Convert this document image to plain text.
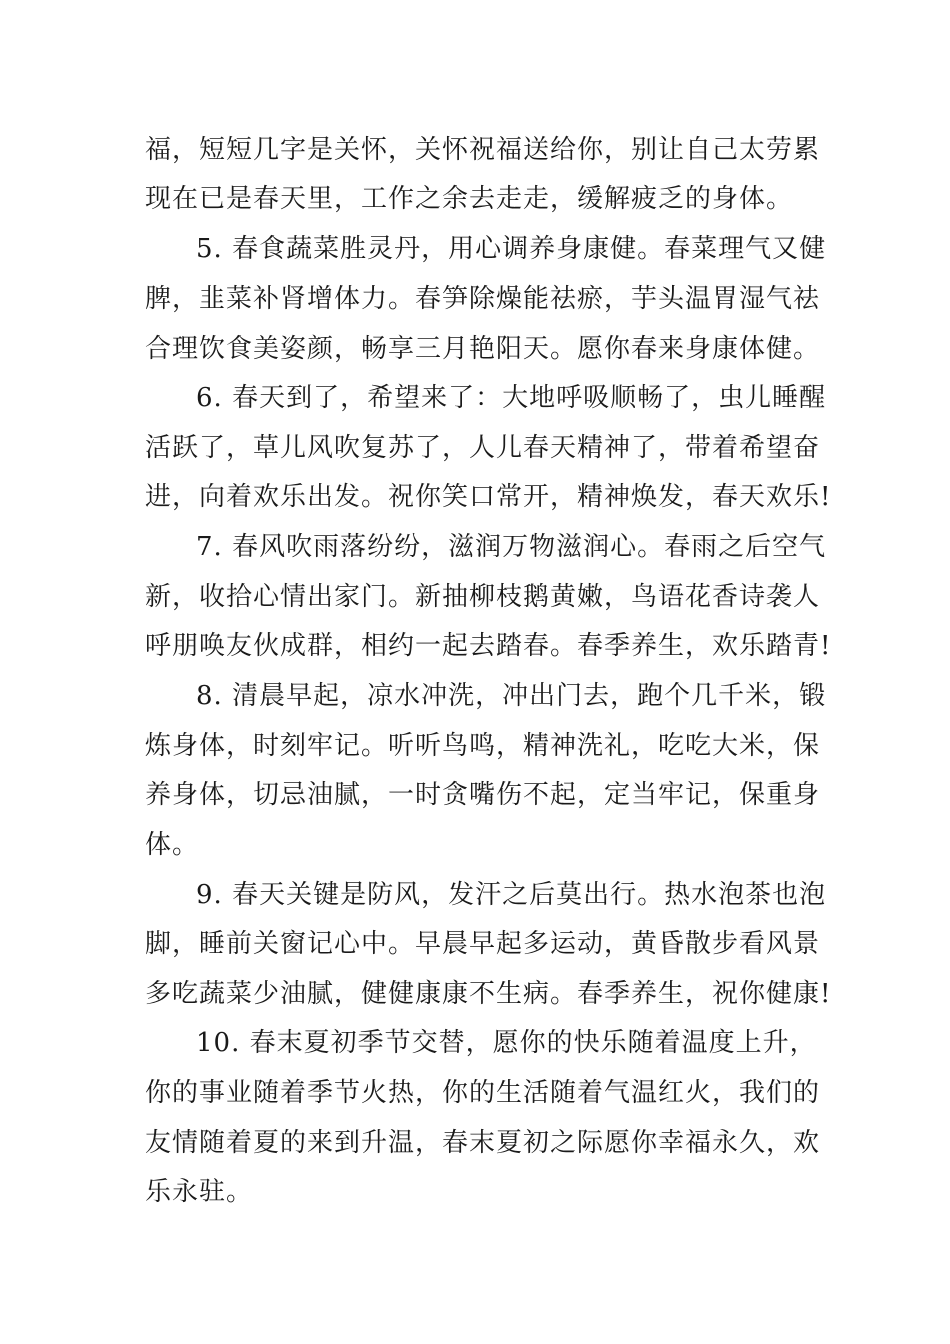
福，短短几字是关怀，关怀祝福送给你，别让自己太劳累
现在已是春天里，工作之余去走走，缓解疲乏的身体。
5. 春食蔬菜胜灵丹，用心调养身康健。春菜理气又健
脾，韭菜补肾增体力。春笋除燥能祛瘀，芋头温胃湿气祛
合理饮食美姿颜，畅享三月艳阳天。愿你春来身康体健。
6. 春天到了，希望来了：大地呼吸顺畅了，虫儿睡醒
活跃了，草儿风吹复苏了，人儿春天精神了，带着希望奋
进，向着欢乐出发。祝你笑口常开，精神焕发，春天欢乐!
7. 春风吹雨落纷纷，滋润万物滋润心。春雨之后空气
新，收拾心情出家门。新抽柳枝鹅黄嫩，鸟语花香诗袭人
呼朋唤友伙成群，相约一起去踏春。春季养生，欢乐踏青!
8. 清晨早起，凉水冲洗，冲出门去，跑个几千米，锻
炼身体，时刻牢记。听听鸟鸣，精神洗礼，吃吃大米，保
养身体，切忌油腻，一时贪嘴伤不起，定当牢记，保重身
体。
9. 春天关键是防风，发汗之后莫出行。热水泡茶也泡
脚，睡前关窗记心中。早晨早起多运动，黄昏散步看风景
多吃蔬菜少油腻，健健康康不生病。春季养生，祝你健康!
10. 春末夏初季节交替，愿你的快乐随着温度上升，
你的事业随着季节火热，你的生活随着气温红火，我们的
友情随着夏的来到升温，春末夏初之际愿你幸福永久，欢
乐永驻。
